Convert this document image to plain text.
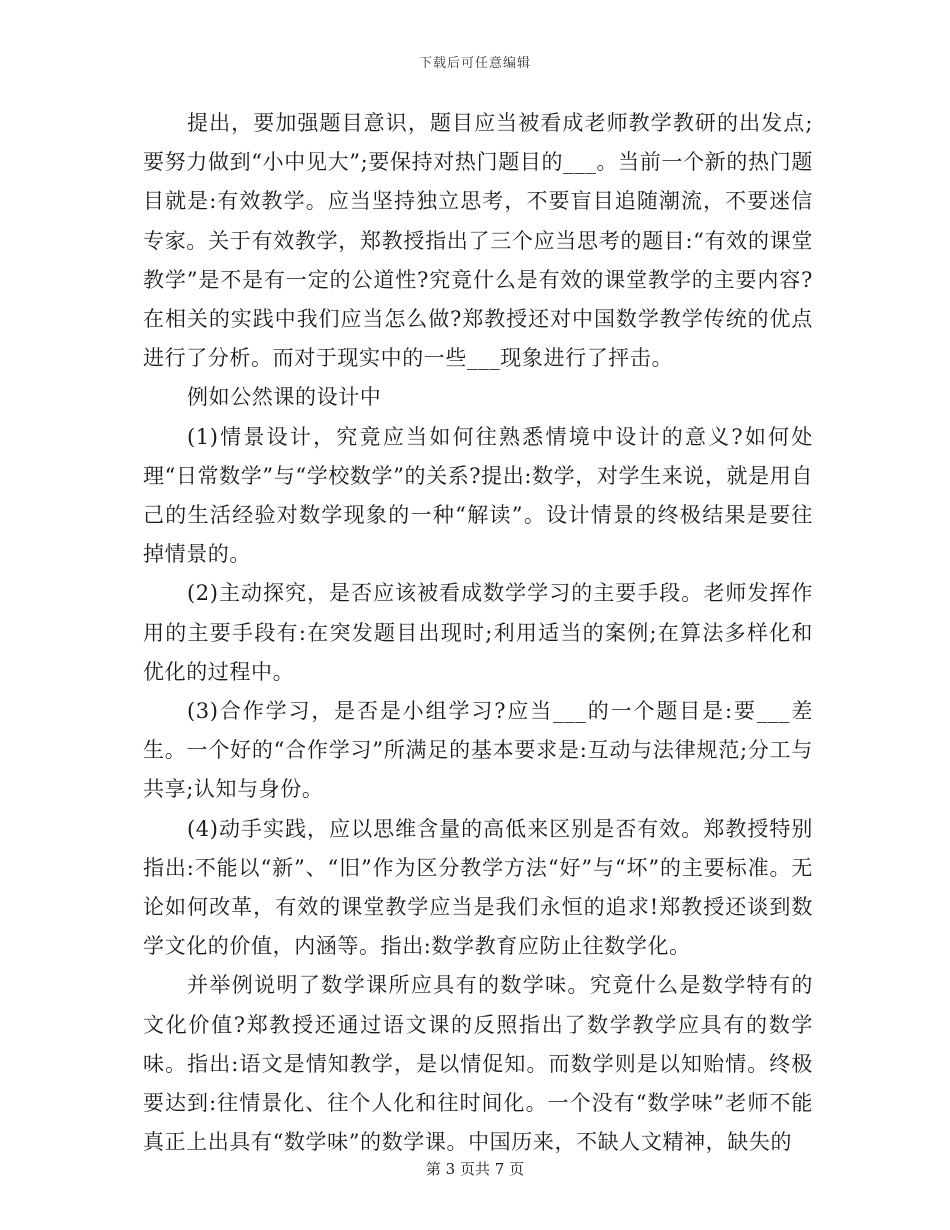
下载后可任意编辑

提出，要加强题目意识，题目应当被看成老师教学教研的出发点;要努力做到“小中见大”;要保持对热门题目的___。当前一个新的热门题目就是:有效教学。应当坚持独立思考，不要盲目追随潮流，不要迷信专家。关于有效教学，郑教授指出了三个应当思考的题目:“有效的课堂教学”是不是有一定的公道性?究竟什么是有效的课堂教学的主要内容?在相关的实践中我们应当怎么做?郑教授还对中国数学教学传统的优点进行了分析。而对于现实中的一些___现象进行了抨击。

例如公然课的设计中

(1)情景设计，究竟应当如何往熟悉情境中设计的意义?如何处理“日常数学”与“学校数学”的关系?提出:数学，对学生来说，就是用自己的生活经验对数学现象的一种“解读”。设计情景的终极结果是要往掉情景的。

(2)主动探究，是否应该被看成数学学习的主要手段。老师发挥作用的主要手段有:在突发题目出现时;利用适当的案例;在算法多样化和优化的过程中。

(3)合作学习，是否是小组学习?应当___的一个题目是:要___差生。一个好的“合作学习”所满足的基本要求是:互动与法律规范;分工与共享;认知与身份。

(4)动手实践，应以思维含量的高低来区别是否有效。郑教授特别指出:不能以“新”、“旧”作为区分教学方法“好”与“坏”的主要标准。无论如何改革，有效的课堂教学应当是我们永恒的追求!郑教授还谈到数学文化的价值，内涵等。指出:数学教育应防止往数学化。

并举例说明了数学课所应具有的数学味。究竟什么是数学特有的文化价值?郑教授还通过语文课的反照指出了数学教学应具有的数学味。指出:语文是情知教学，是以情促知。而数学则是以知贻情。终极要达到:往情景化、往个人化和往时间化。一个没有“数学味”老师不能真正上出具有“数学味”的数学课。中国历来，不缺人文精神，缺失的

第 3 页共 7 页
